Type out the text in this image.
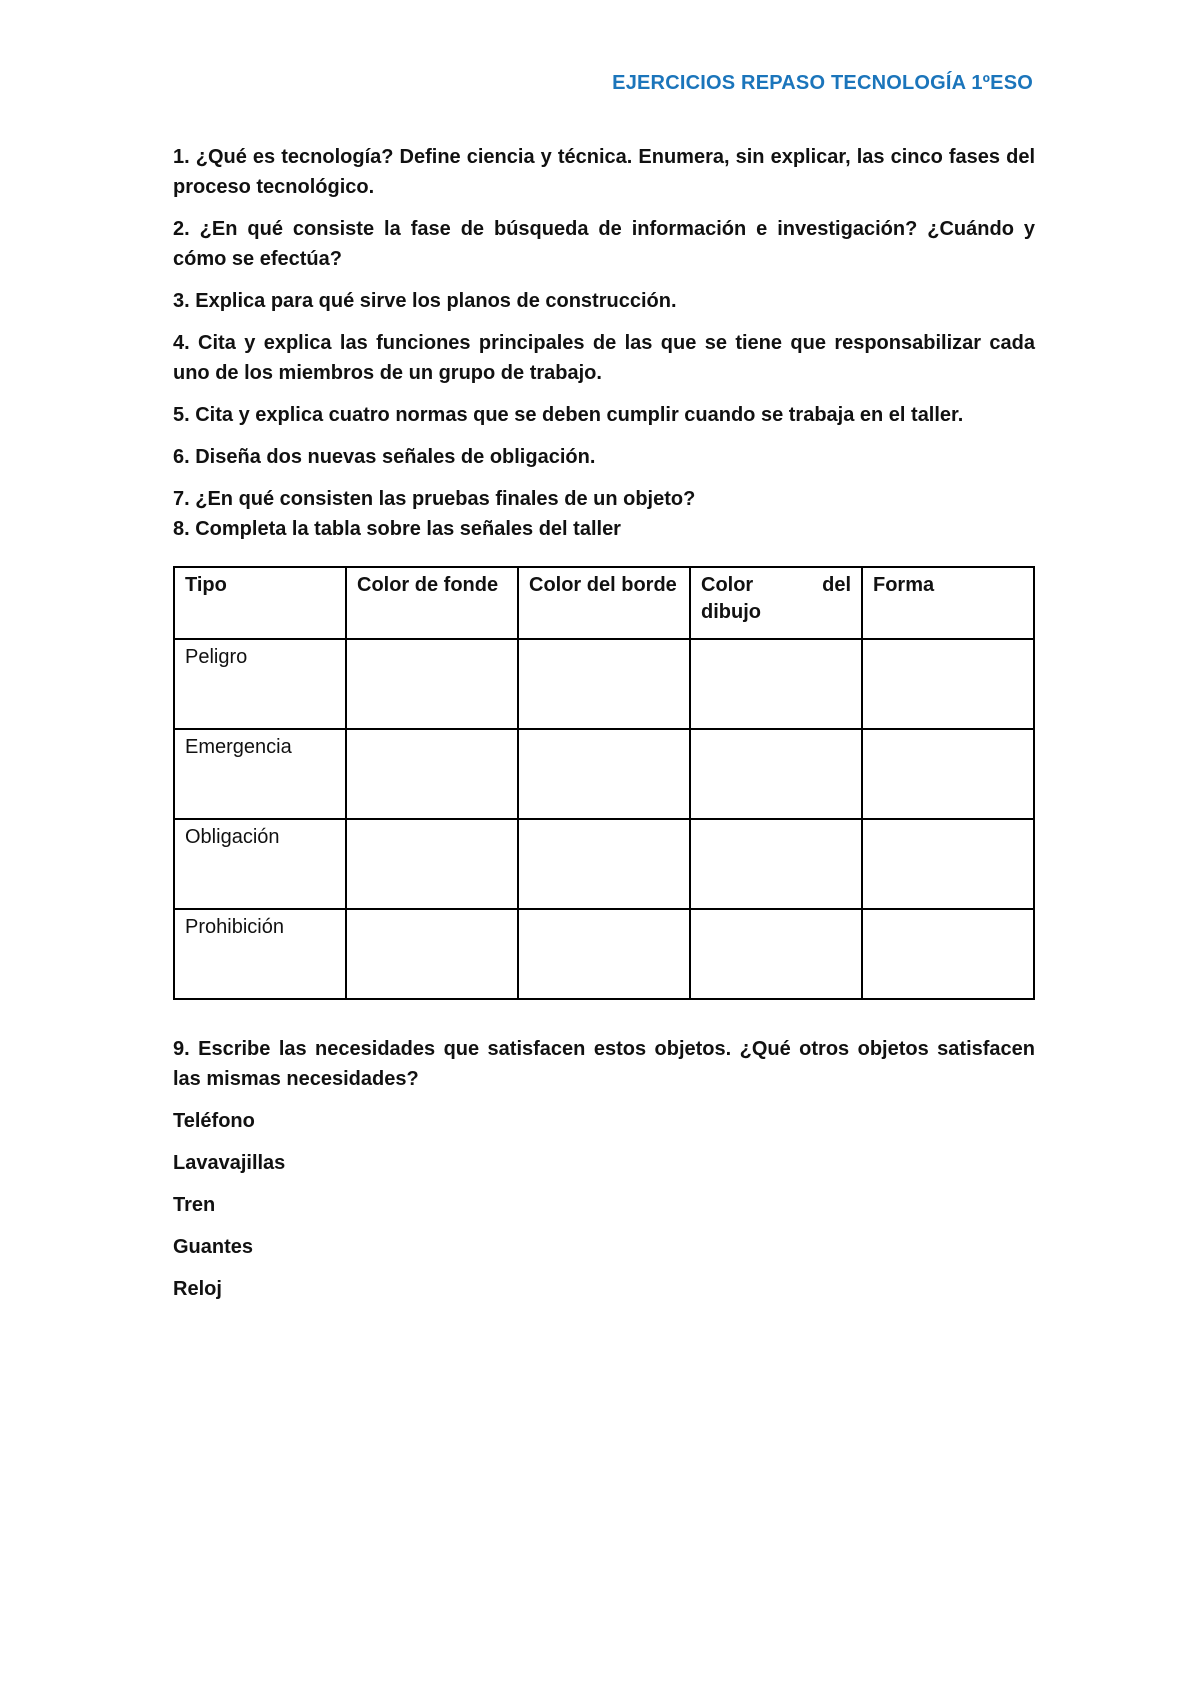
EJERCICIOS REPASO TECNOLOGÍA 1ºESO

1. ¿Qué es tecnología? Define ciencia y técnica. Enumera, sin explicar, las cinco fases del proceso tecnológico.

2. ¿En qué consiste la fase de búsqueda de información e investigación? ¿Cuándo y cómo se efectúa?

3. Explica para qué sirve los planos de construcción.

4. Cita y explica las funciones principales de las que se tiene que responsabilizar cada uno de los miembros de un grupo de trabajo.

5. Cita y explica cuatro normas que se deben cumplir cuando se trabaja en el taller.

6. Diseña dos nuevas señales de obligación.

7. ¿En qué consisten las pruebas finales de un objeto?

8. Completa la tabla sobre las señales del taller

Tipo	Color de fonde	Color del borde	Color del dibujo	Forma
Peligro				
Emergencia				
Obligación				
Prohibición				

9. Escribe las necesidades que satisfacen estos objetos. ¿Qué otros objetos satisfacen las mismas necesidades?

Teléfono
Lavavajillas
Tren
Guantes
Reloj
